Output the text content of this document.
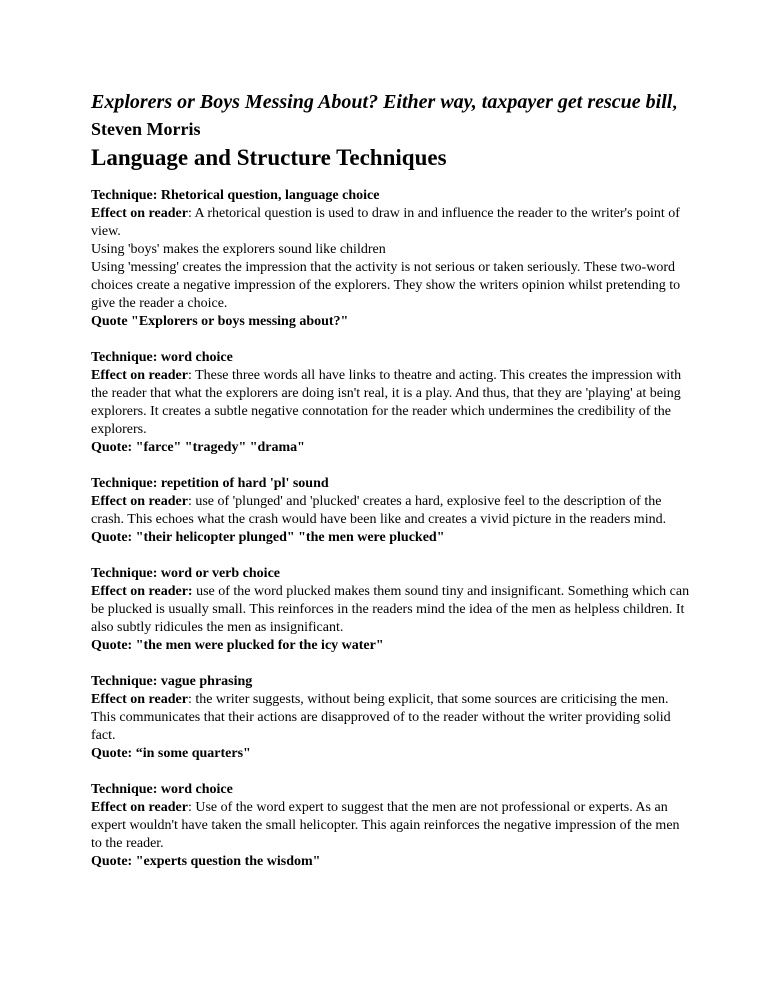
Explorers or Boys Messing About? Either way, taxpayer get rescue bill, Steven Morris
Language and Structure Techniques

Technique: Rhetorical question, language choice

Effect on reader: A rhetorical question is used to draw in and influence the reader to the writer's point of view.

Using 'boys' makes the explorers sound like children

Using 'messing' creates the impression that the activity is not serious or taken seriously. These two-word choices create a negative impression of the explorers. They show the writers opinion whilst pretending to give the reader a choice.

Quote "Explorers or boys messing about?"

Technique: word choice

Effect on reader: These three words all have links to theatre and acting. This creates the impression with the reader that what the explorers are doing isn't real, it is a play. And thus, that they are 'playing' at being explorers. It creates a subtle negative connotation for the reader which undermines the credibility of the explorers.

Quote: "farce" "tragedy" "drama"

Technique: repetition of hard 'pl' sound

Effect on reader: use of 'plunged' and 'plucked' creates a hard, explosive feel to the description of the crash. This echoes what the crash would have been like and creates a vivid picture in the readers mind.

Quote: "their helicopter plunged" "the men were plucked"

Technique: word or verb choice

Effect on reader: use of the word plucked makes them sound tiny and insignificant. Something which can be plucked is usually small. This reinforces in the readers mind the idea of the men as helpless children. It also subtly ridicules the men as insignificant.

Quote: "the men were plucked for the icy water"

Technique: vague phrasing

Effect on reader: the writer suggests, without being explicit, that some sources are criticising the men. This communicates that their actions are disapproved of to the reader without the writer providing solid fact.

Quote: “in some quarters"

Technique: word choice

Effect on reader: Use of the word expert to suggest that the men are not professional or experts. As an expert wouldn't have taken the small helicopter. This again reinforces the negative impression of the men to the reader.

Quote: "experts question the wisdom"
